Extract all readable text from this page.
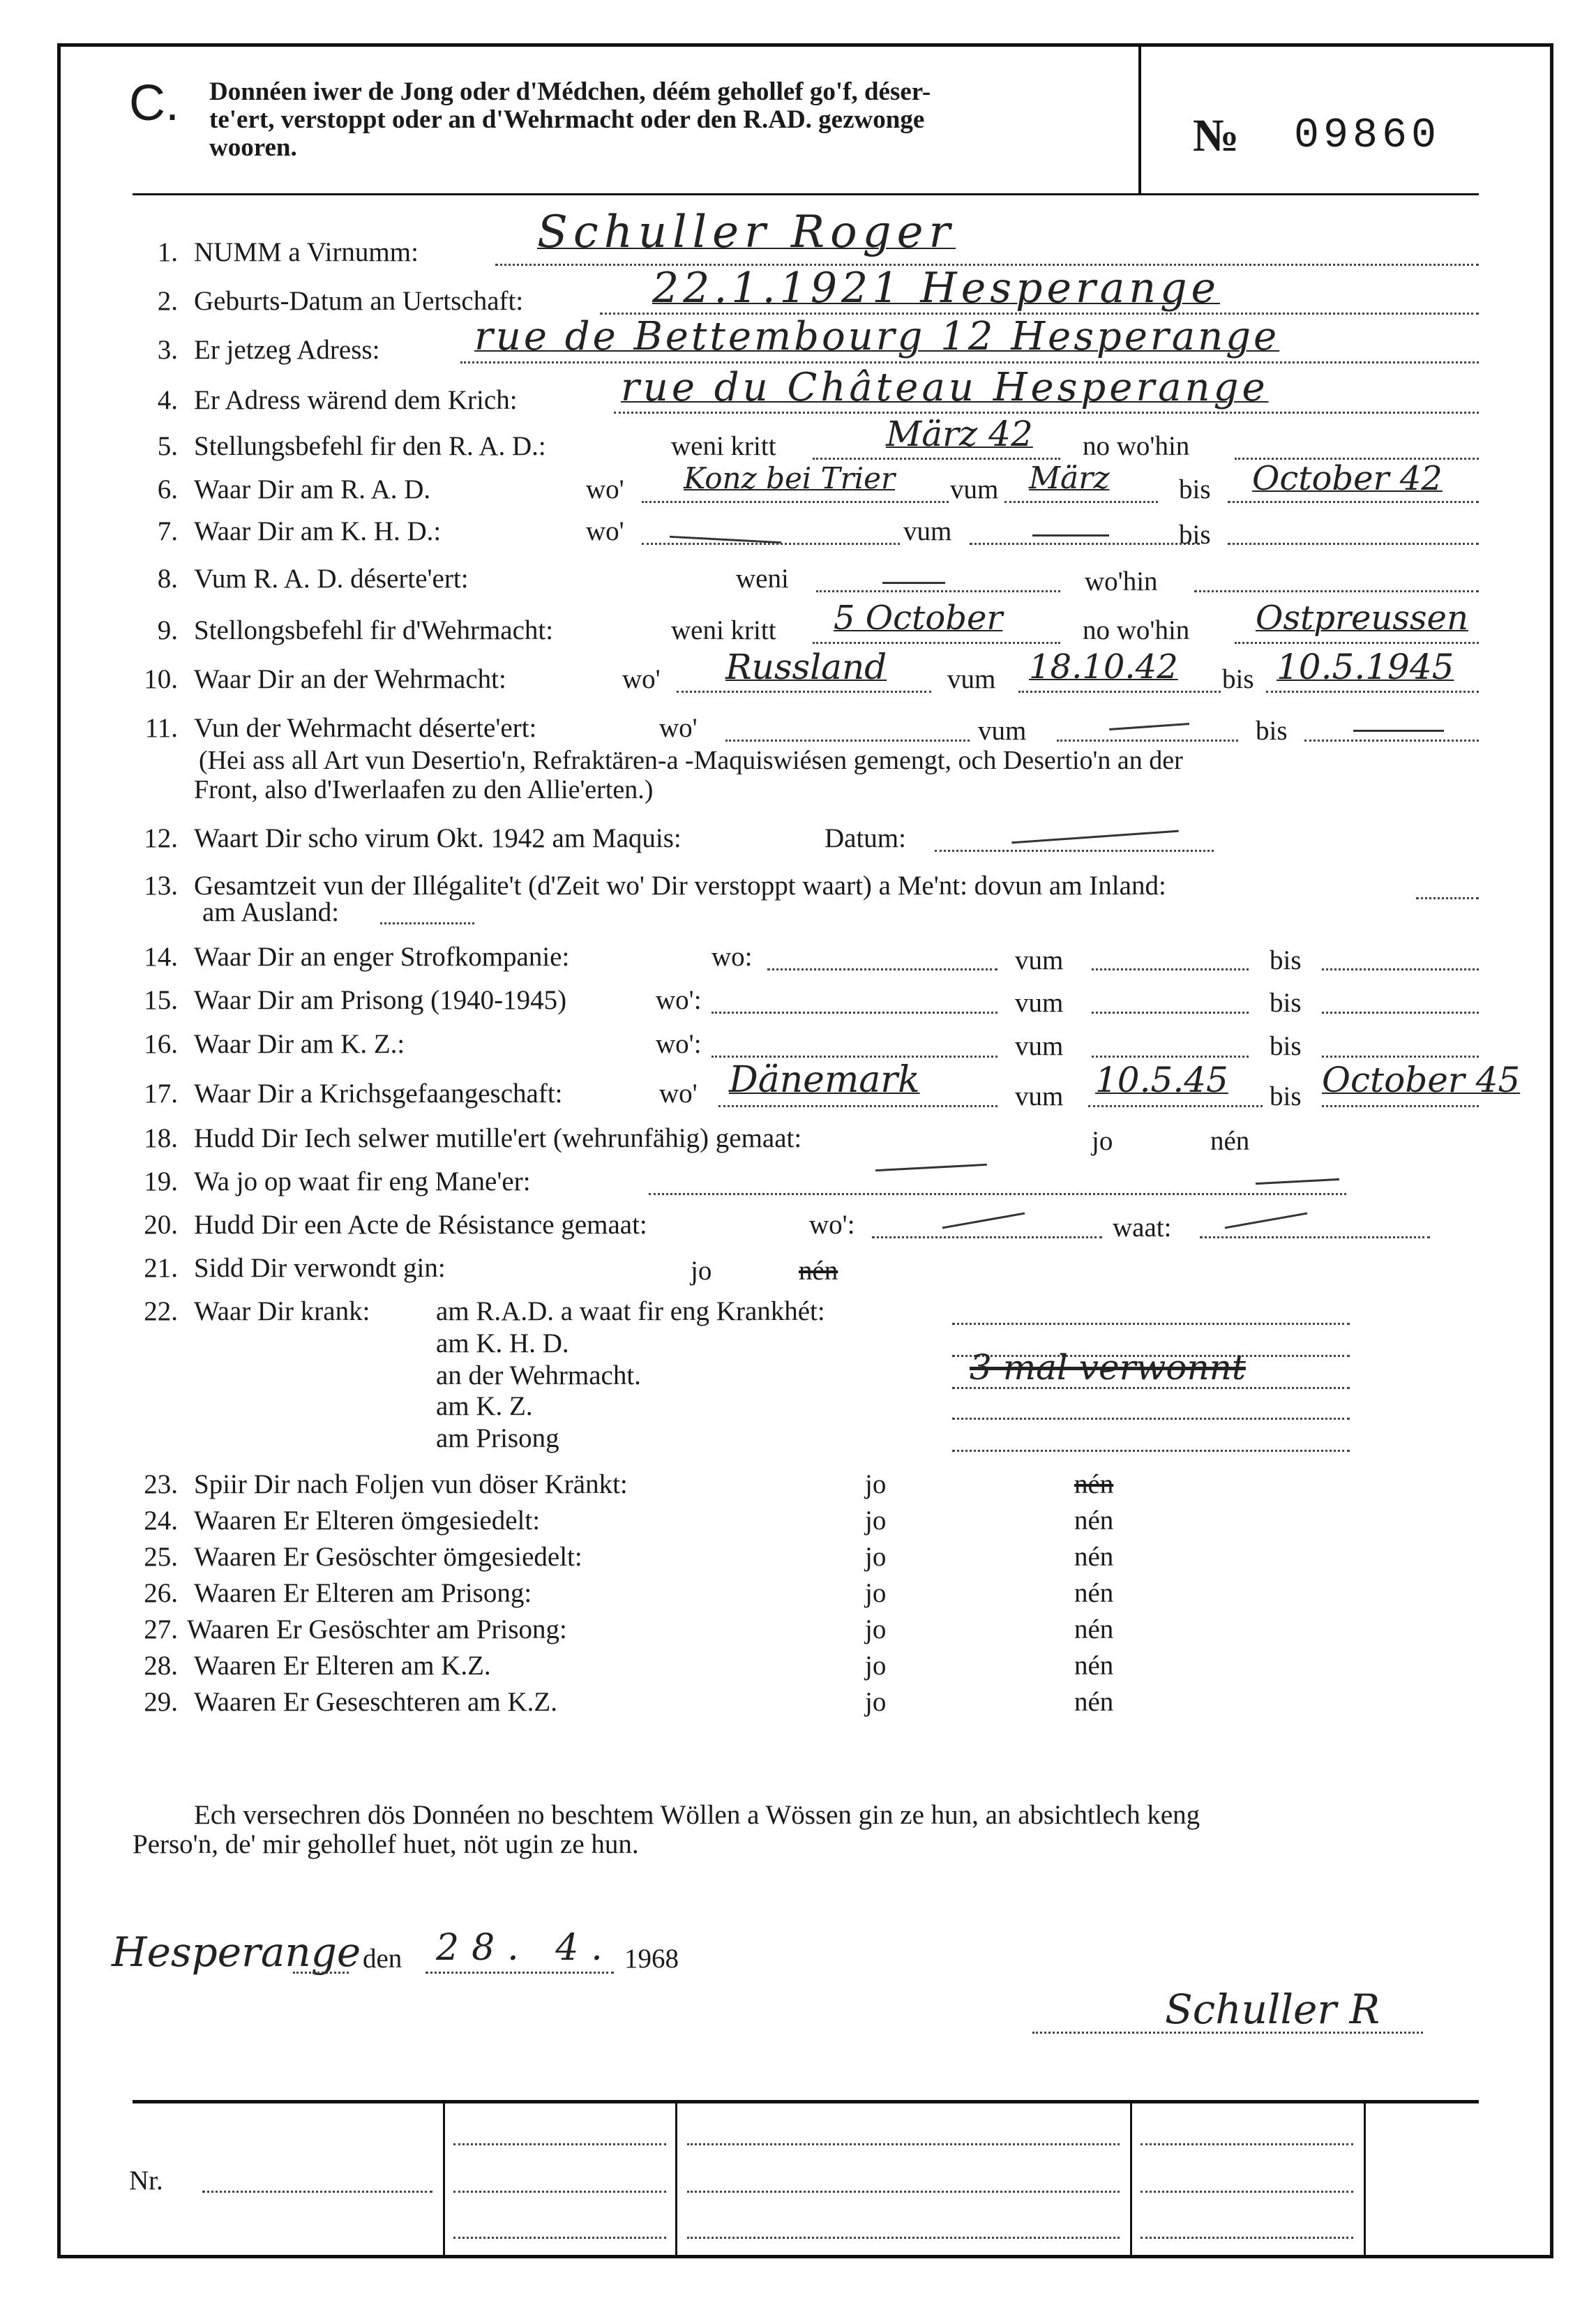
C. Donnéen iwer de Jong oder d'Médchen, déém gehollef go'f, déser-
te'ert, verstoppt oder an d'Wehrmacht oder den R.AD. gezwonge
wooren.	№ 09860
1. NUMM a Virnumm:	Schuller Roger
2. Geburts-Datum an Uertschaft:	22.1.1921 Hesperange
3. Er jetzeg Adress: rue de Bettembourg 12 Hesperange
4. Er Adress wärend dem Krich:	rue du Château Hesperange
5. Stellungsbefehl fir den R. A. D.:	weni kritt	März 42 no wo'hin
6. Waar Dir am R. A. D.	wo' Konz bei Trier vum März	bis October 42
7. Waar Dir am K. H. D.:	wo'	vum	bis
8. Vum R. A. D. déserte'ert:	weni	wo'hin
9. Stellongsbefehl fir d'Wehrmacht:	weni kritt 5 October	no wo'hin Ostpreussen
10. Waar Dir an der Wehrmacht:	wo' Russland vum 18.10.42 bis 10.5.1945
11. Vun der Wehrmacht déserte'ert:	wo'	vum	bis
(Hei ass all Art vun Desertio'n, Refraktären-a -Maquiswiésen gemengt, och Desertio'n an der
Front, also d'Iwerlaafen zu den Allie'erten.)
12. Waart Dir scho virum Okt. 1942 am Maquis:	Datum:
13. Gesamtzeit vun der Illégalite't (d'Zeit wo' Dir verstoppt waart) a Me'nt: dovun am Inland:
am Ausland:
14. Waar Dir an enger Strofkompanie:	wo:	vum	bis
15. Waar Dir am Prisong (1940-1945)	wo':	vum	bis
16. Waar Dir am K. Z.:	wo':	vum	bis
17. Waar Dir a Krichsgefaangeschaft:	wo' Dänemark	vum 10.5.45 bis October 45
18. Hudd Dir Iech selwer mutille'ert (wehrunfähig) gemaat:	jo	nén
19. Wa jo op waat fir eng Mane'er:
20. Hudd Dir een Acte de Résistance gemaat:	wo':	waat:
21. Sidd Dir verwondt gin:	jo	nén
22. Waar Dir krank: am R.A.D. a waat fir eng Krankhét:
am K. H. D.
an der Wehrmacht.	3 mal verwonnt
am K. Z.
am Prisong
23. Spiir Dir nach Foljen vun döser Kränkt:	jo	nén
24. Waaren Er Elteren ömgesiedelt:	jo	nén
25. Waaren Er Gesöschter ömgesiedelt:	jo	nén
26. Waaren Er Elteren am Prisong:	jo	nén
27. Waaren Er Gesöschter am Prisong:	jo	nén
28. Waaren Er Elteren am K.Z.	jo	nén
29. Waaren Er Geseschteren am K.Z.	jo	nén
Ech versechren dös Donnéen no beschtem Wöllen a Wössen gin ze hun, an absichtlech keng
Perso'n, de' mir gehollef huet, nöt ugin ze hun.
Hesperange den 28. 4. 1968
Schuller R
Nr.
